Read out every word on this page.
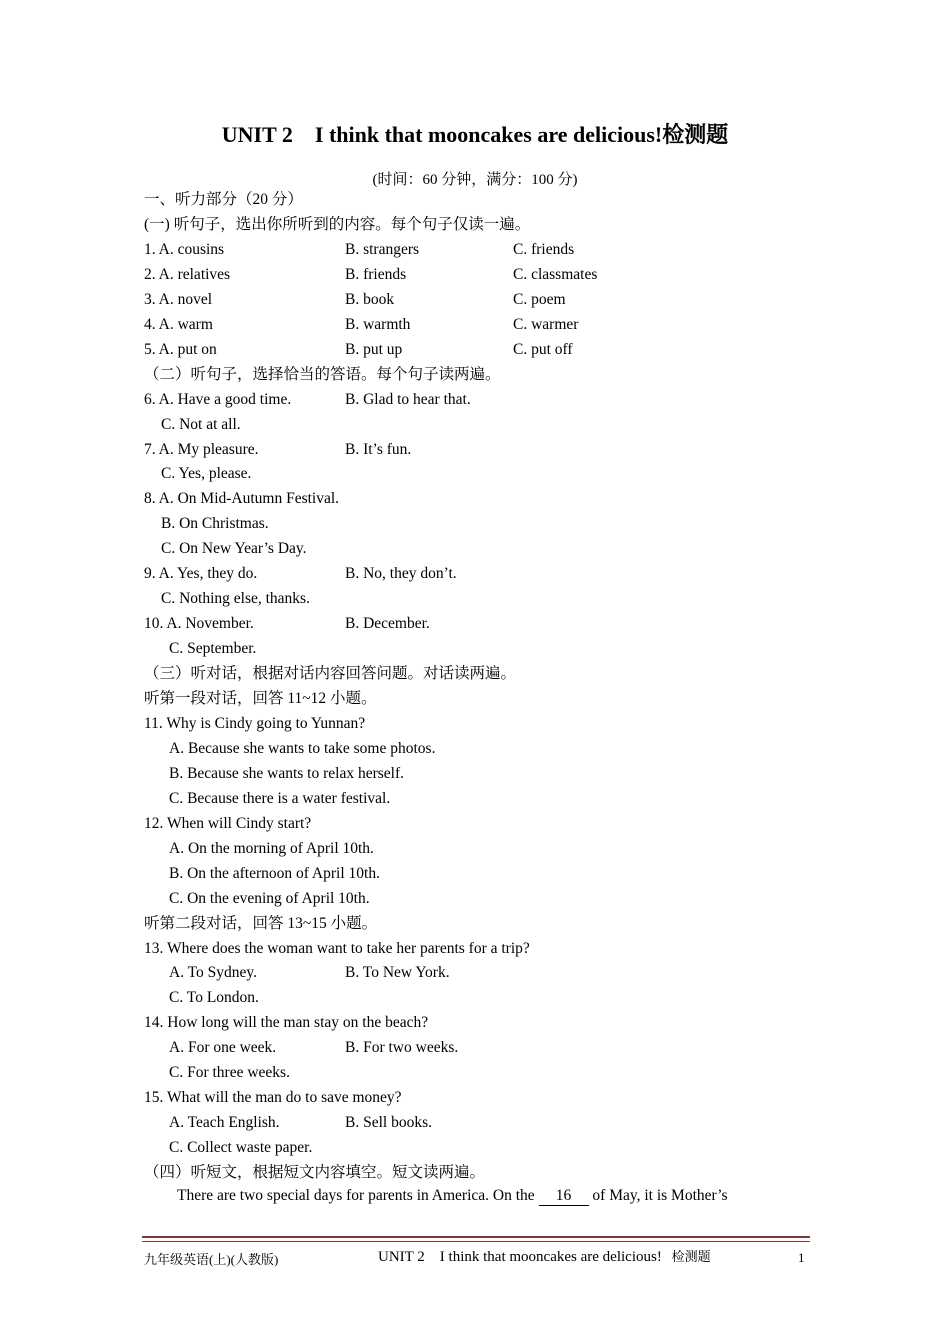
UNIT 2    I think that mooncakes are delicious!检测题
(时间：60 分钟，满分：100 分)
一、听力部分（20 分）
(一) 听句子，选出你所听到的内容。每个句子仅读一遍。
1. A. cousins	B. strangers	C. friends
2. A. relatives	B. friends	C. classmates
3. A. novel	B. book	C. poem
4. A. warm	B. warmth	C. warmer
5. A. put on	B. put up	C. put off
（二）听句子，选择恰当的答语。每个句子读两遍。
6. A. Have a good time.	B. Glad to hear that.
C. Not at all.
7. A. My pleasure.	B. It’s fun.
C. Yes, please.
8. A. On Mid-Autumn Festival.
B. On Christmas.
C. On New Year’s Day.
9. A. Yes, they do.	B. No, they don’t.
C. Nothing else, thanks.
10. A. November.	B. December.
C. September.
（三）听对话，根据对话内容回答问题。对话读两遍。
听第一段对话，回答 11~12 小题。
11. Why is Cindy going to Yunnan?
A. Because she wants to take some photos.
B. Because she wants to relax herself.
C. Because there is a water festival.
12. When will Cindy start?
A. On the morning of April 10th.
B. On the afternoon of April 10th.
C. On the evening of April 10th.
听第二段对话，回答 13~15 小题。
13. Where does the woman want to take her parents for a trip?
A. To Sydney.	B. To New York.
C. To London.
14. How long will the man stay on the beach?
A. For one week.	B. For two weeks.
C. For three weeks.
15. What will the man do to save money?
A. Teach English.	B. Sell books.
C. Collect waste paper.
（四）听短文，根据短文内容填空。短文读两遍。
There are two special days for parents in America. On the 16 of May, it is Mother’s
九年级英语(上)(人教版)	UNIT 2    I think that mooncakes are delicious! 检测题	1
